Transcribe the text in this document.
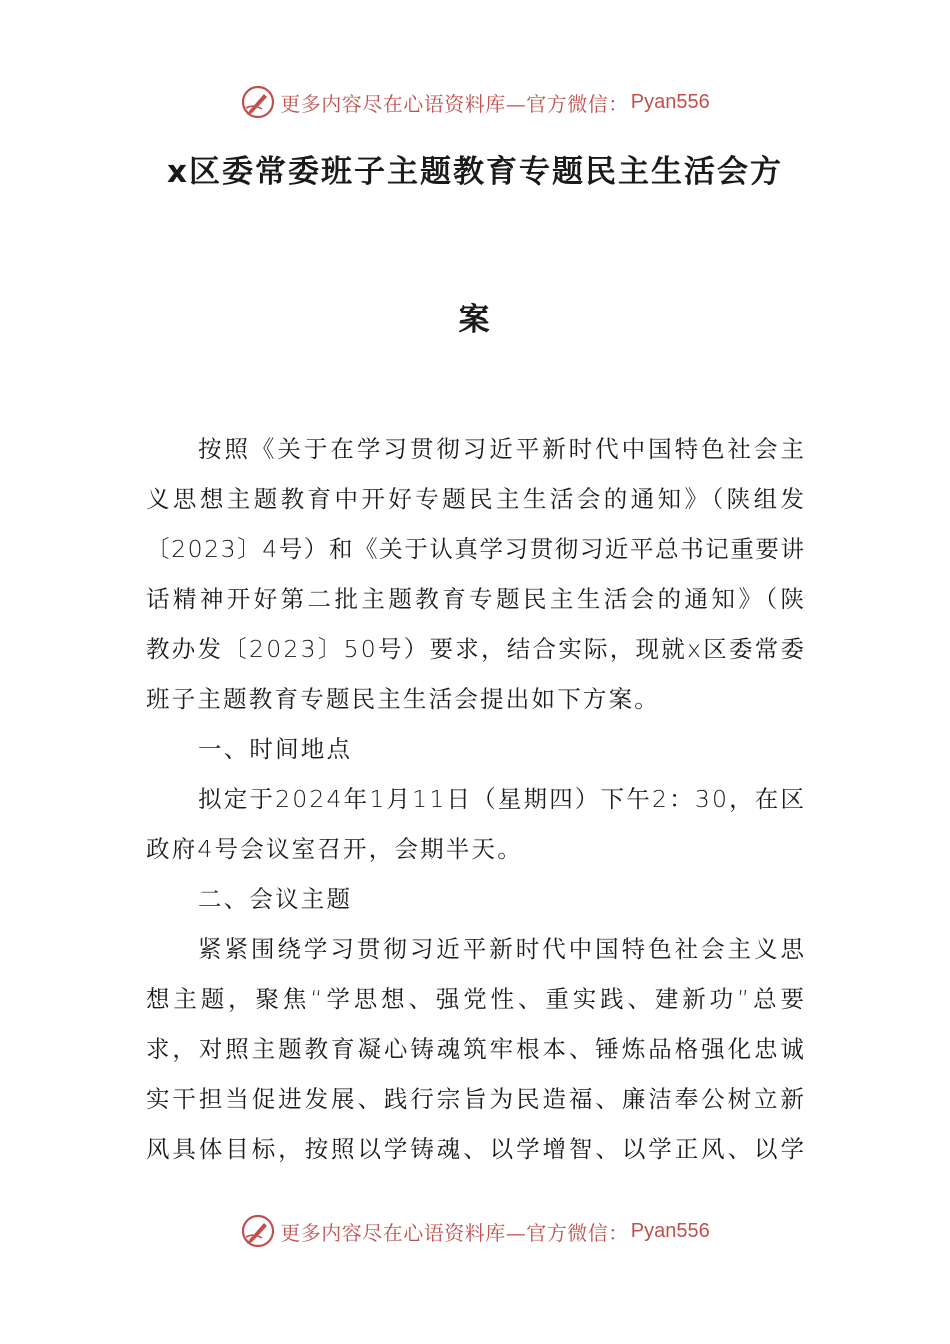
更多内容尽在心语资料库—官方微信： Pyan556
x区委常委班子主题教育专题民主生活会方
案
按照《关于在学习贯彻习近平新时代中国特色社会主
义思想主题教育中开好专题民主生活会的通知》（陕组发
〔2023〕4号）和《关于认真学习贯彻习近平总书记重要讲
话精神开好第二批主题教育专题民主生活会的通知》（陕
教办发〔2023〕50号）要求，结合实际，现就x区委常委
班子主题教育专题民主生活会提出如下方案。
一、时间地点
拟定于2024年1月11日（星期四）下午2：30，在区
政府4号会议室召开，会期半天。
二、会议主题
紧紧围绕学习贯彻习近平新时代中国特色社会主义思
想主题，聚焦“学思想、强党性、重实践、建新功”总要
求，对照主题教育凝心铸魂筑牢根本、锤炼品格强化忠诚
实干担当促进发展、践行宗旨为民造福、廉洁奉公树立新
风具体目标，按照以学铸魂、以学增智、以学正风、以学
更多内容尽在心语资料库—官方微信： Pyan556
